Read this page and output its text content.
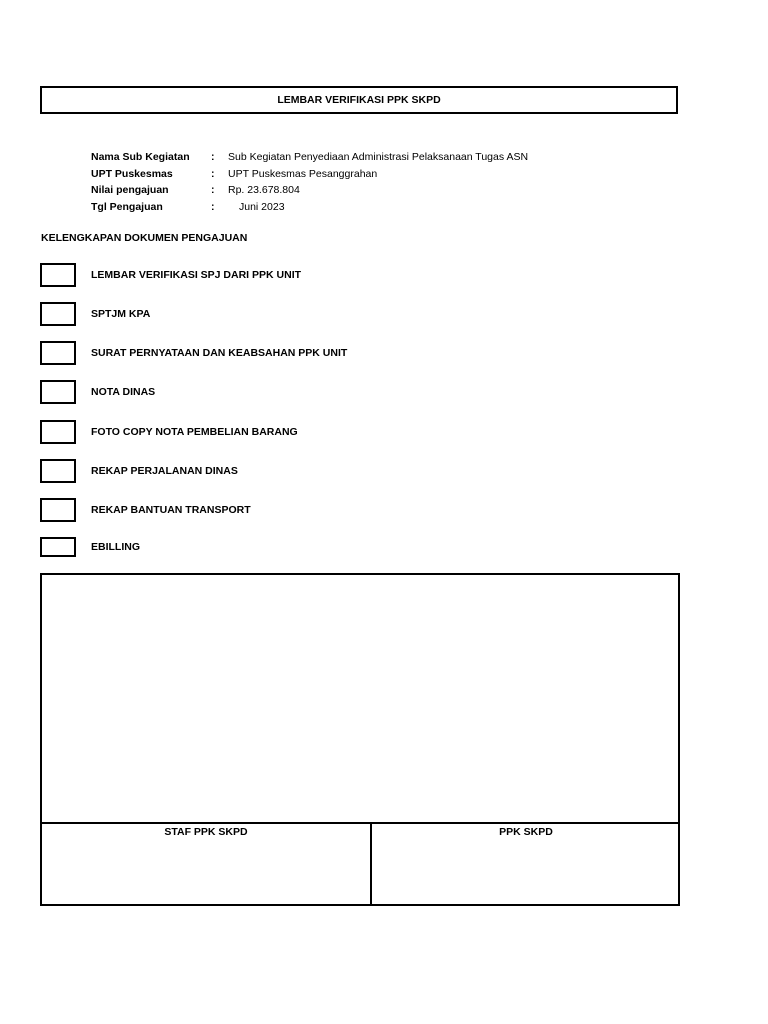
LEMBAR VERIFIKASI PPK SKPD
Nama Sub Kegiatan	:	Sub Kegiatan Penyediaan Administrasi Pelaksanaan Tugas ASN
UPT Puskesmas	:	UPT Puskesmas Pesanggrahan
Nilai pengajuan	:	Rp. 23.678.804
Tgl Pengajuan	:	Juni 2023
KELENGKAPAN DOKUMEN PENGAJUAN
LEMBAR VERIFIKASI SPJ DARI PPK UNIT
SPTJM KPA
SURAT PERNYATAAN DAN KEABSAHAN PPK UNIT
NOTA DINAS
FOTO COPY NOTA PEMBELIAN BARANG
REKAP PERJALANAN DINAS
REKAP BANTUAN TRANSPORT
EBILLING
STAF PPK SKPD	PPK SKPD
